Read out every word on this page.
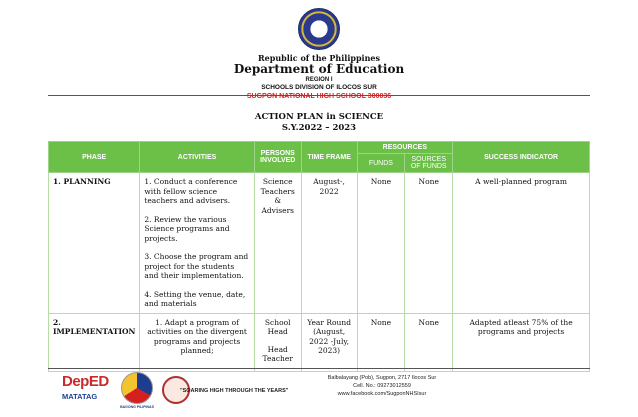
Republic of the Philippines
Department of Education
REGION I
SCHOOLS DIVISION OF ILOCOS SUR
SUGPON NATIONAL HIGH SCHOOL 300036
ACTION PLAN in SCIENCE
S.Y.2022 – 2023
PHASE	ACTIVITIES	PERSONS INVOLVED	TIME FRAME	RESOURCES		SUCCESS INDICATOR
				FUNDS	SOURCES OF FUNDS	
1. PLANNING	1. Conduct a conference with fellow science teachers and advisers.

2. Review the various Science programs and projects.

3. Choose the program and project for the students and their implementation.

4. Setting the venue, date, and materials	Science Teachers & Advisers	August-, 2022	None	None	A well-planned program
2. IMPLEMENTATION	1. Adapt a program of activities on the divergent programs and projects planned;	School Head
Head Teacher	Year Round (August, 2022 -July, 2023)	None	None	Adapted atleast 75% of the programs and projects
DepED
MATATAG
BAGONG PILIPINAS
"SOARING HIGH THROUGH THE YEARS"
Balbalayang (Pob), Sugpon, 2717 Ilocos Sur
Cell. No.: 09273012559
www.facebook.com/SugponNHSIsur
